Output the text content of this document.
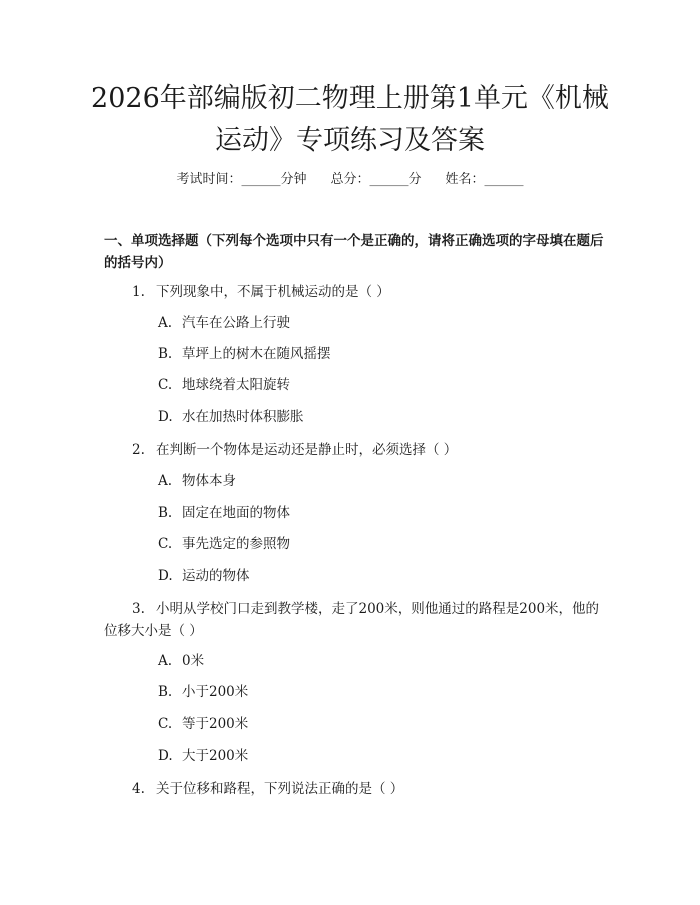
2026年部编版初二物理上册第1单元《机械运动》专项练习及答案
考试时间：______分钟 总分：______分 姓名：______
一、单项选择题（下列每个选项中只有一个是正确的，请将正确选项的字母填在题后的括号内）
1. 下列现象中，不属于机械运动的是（ ）
A. 汽车在公路上行驶
B. 草坪上的树木在随风摇摆
C. 地球绕着太阳旋转
D. 水在加热时体积膨胀
2. 在判断一个物体是运动还是静止时，必须选择（ ）
A. 物体本身
B. 固定在地面的物体
C. 事先选定的参照物
D. 运动的物体
3. 小明从学校门口走到教学楼，走了200米，则他通过的路程是200米，他的位移大小是（ ）
A. 0米
B. 小于200米
C. 等于200米
D. 大于200米
4. 关于位移和路程，下列说法正确的是（ ）
